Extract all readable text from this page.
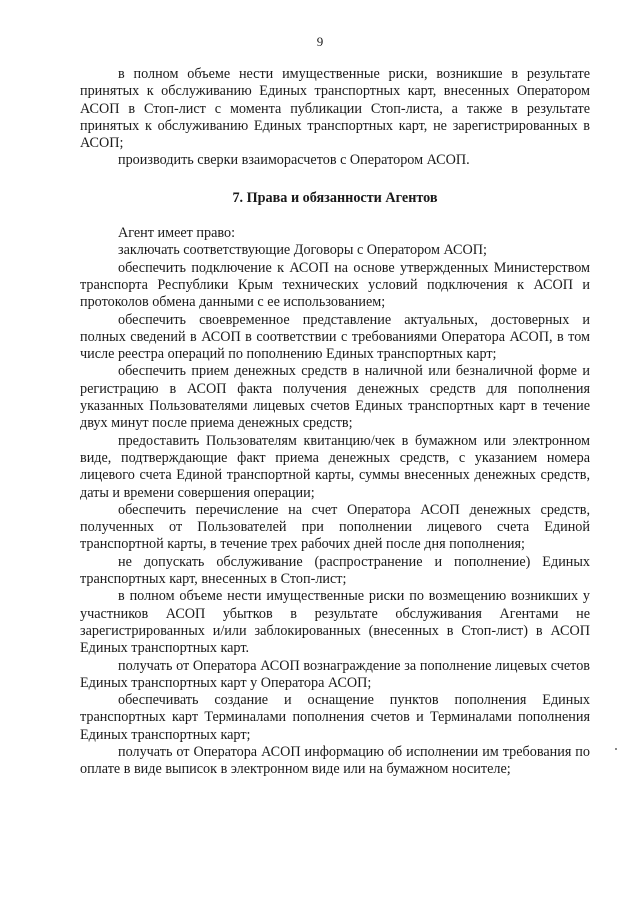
9

в полном объеме нести имущественные риски, возникшие в результате принятых к обслуживанию Единых транспортных карт, внесенных Оператором АСОП в Стоп-лист с момента публикации Стоп-листа, а также в результате принятых к обслуживанию Единых транспортных карт, не зарегистрированных в АСОП;

производить сверки взаиморасчетов с Оператором АСОП.

7. Права и обязанности Агентов

Агент имеет право:

заключать соответствующие Договоры с Оператором АСОП;

обеспечить подключение к АСОП на основе утвержденных Министерством транспорта Республики Крым технических условий подключения к АСОП и протоколов обмена данными с ее использованием;

обеспечить своевременное представление актуальных, достоверных и полных сведений в АСОП в соответствии с требованиями Оператора АСОП, в том числе реестра операций по пополнению Единых транспортных карт;

обеспечить прием денежных средств в наличной или безналичной форме и регистрацию в АСОП факта получения денежных средств для пополнения указанных Пользователями лицевых счетов Единых транспортных карт в течение двух минут после приема денежных средств;

предоставить Пользователям квитанцию/чек в бумажном или электронном виде, подтверждающие факт приема денежных средств, с указанием номера лицевого счета Единой транспортной карты, суммы внесенных денежных средств, даты и времени совершения операции;

обеспечить перечисление на счет Оператора АСОП денежных средств, полученных от Пользователей при пополнении лицевого счета Единой транспортной карты, в течение трех рабочих дней после дня пополнения;

не допускать обслуживание (распространение и пополнение) Единых транспортных карт, внесенных в Стоп-лист;

в полном объеме нести имущественные риски по возмещению возникших у участников АСОП убытков в результате обслуживания Агентами не зарегистрированных и/или заблокированных (внесенных в Стоп-лист) в АСОП Единых транспортных карт.

получать от Оператора АСОП вознаграждение за пополнение лицевых счетов Единых транспортных карт у Оператора АСОП;

обеспечивать создание и оснащение пунктов пополнения Единых транспортных карт Терминалами пополнения счетов и Терминалами пополнения Единых транспортных карт;

получать от Оператора АСОП информацию об исполнении им требования по оплате в виде выписок в электронном виде или на бумажном носителе;
